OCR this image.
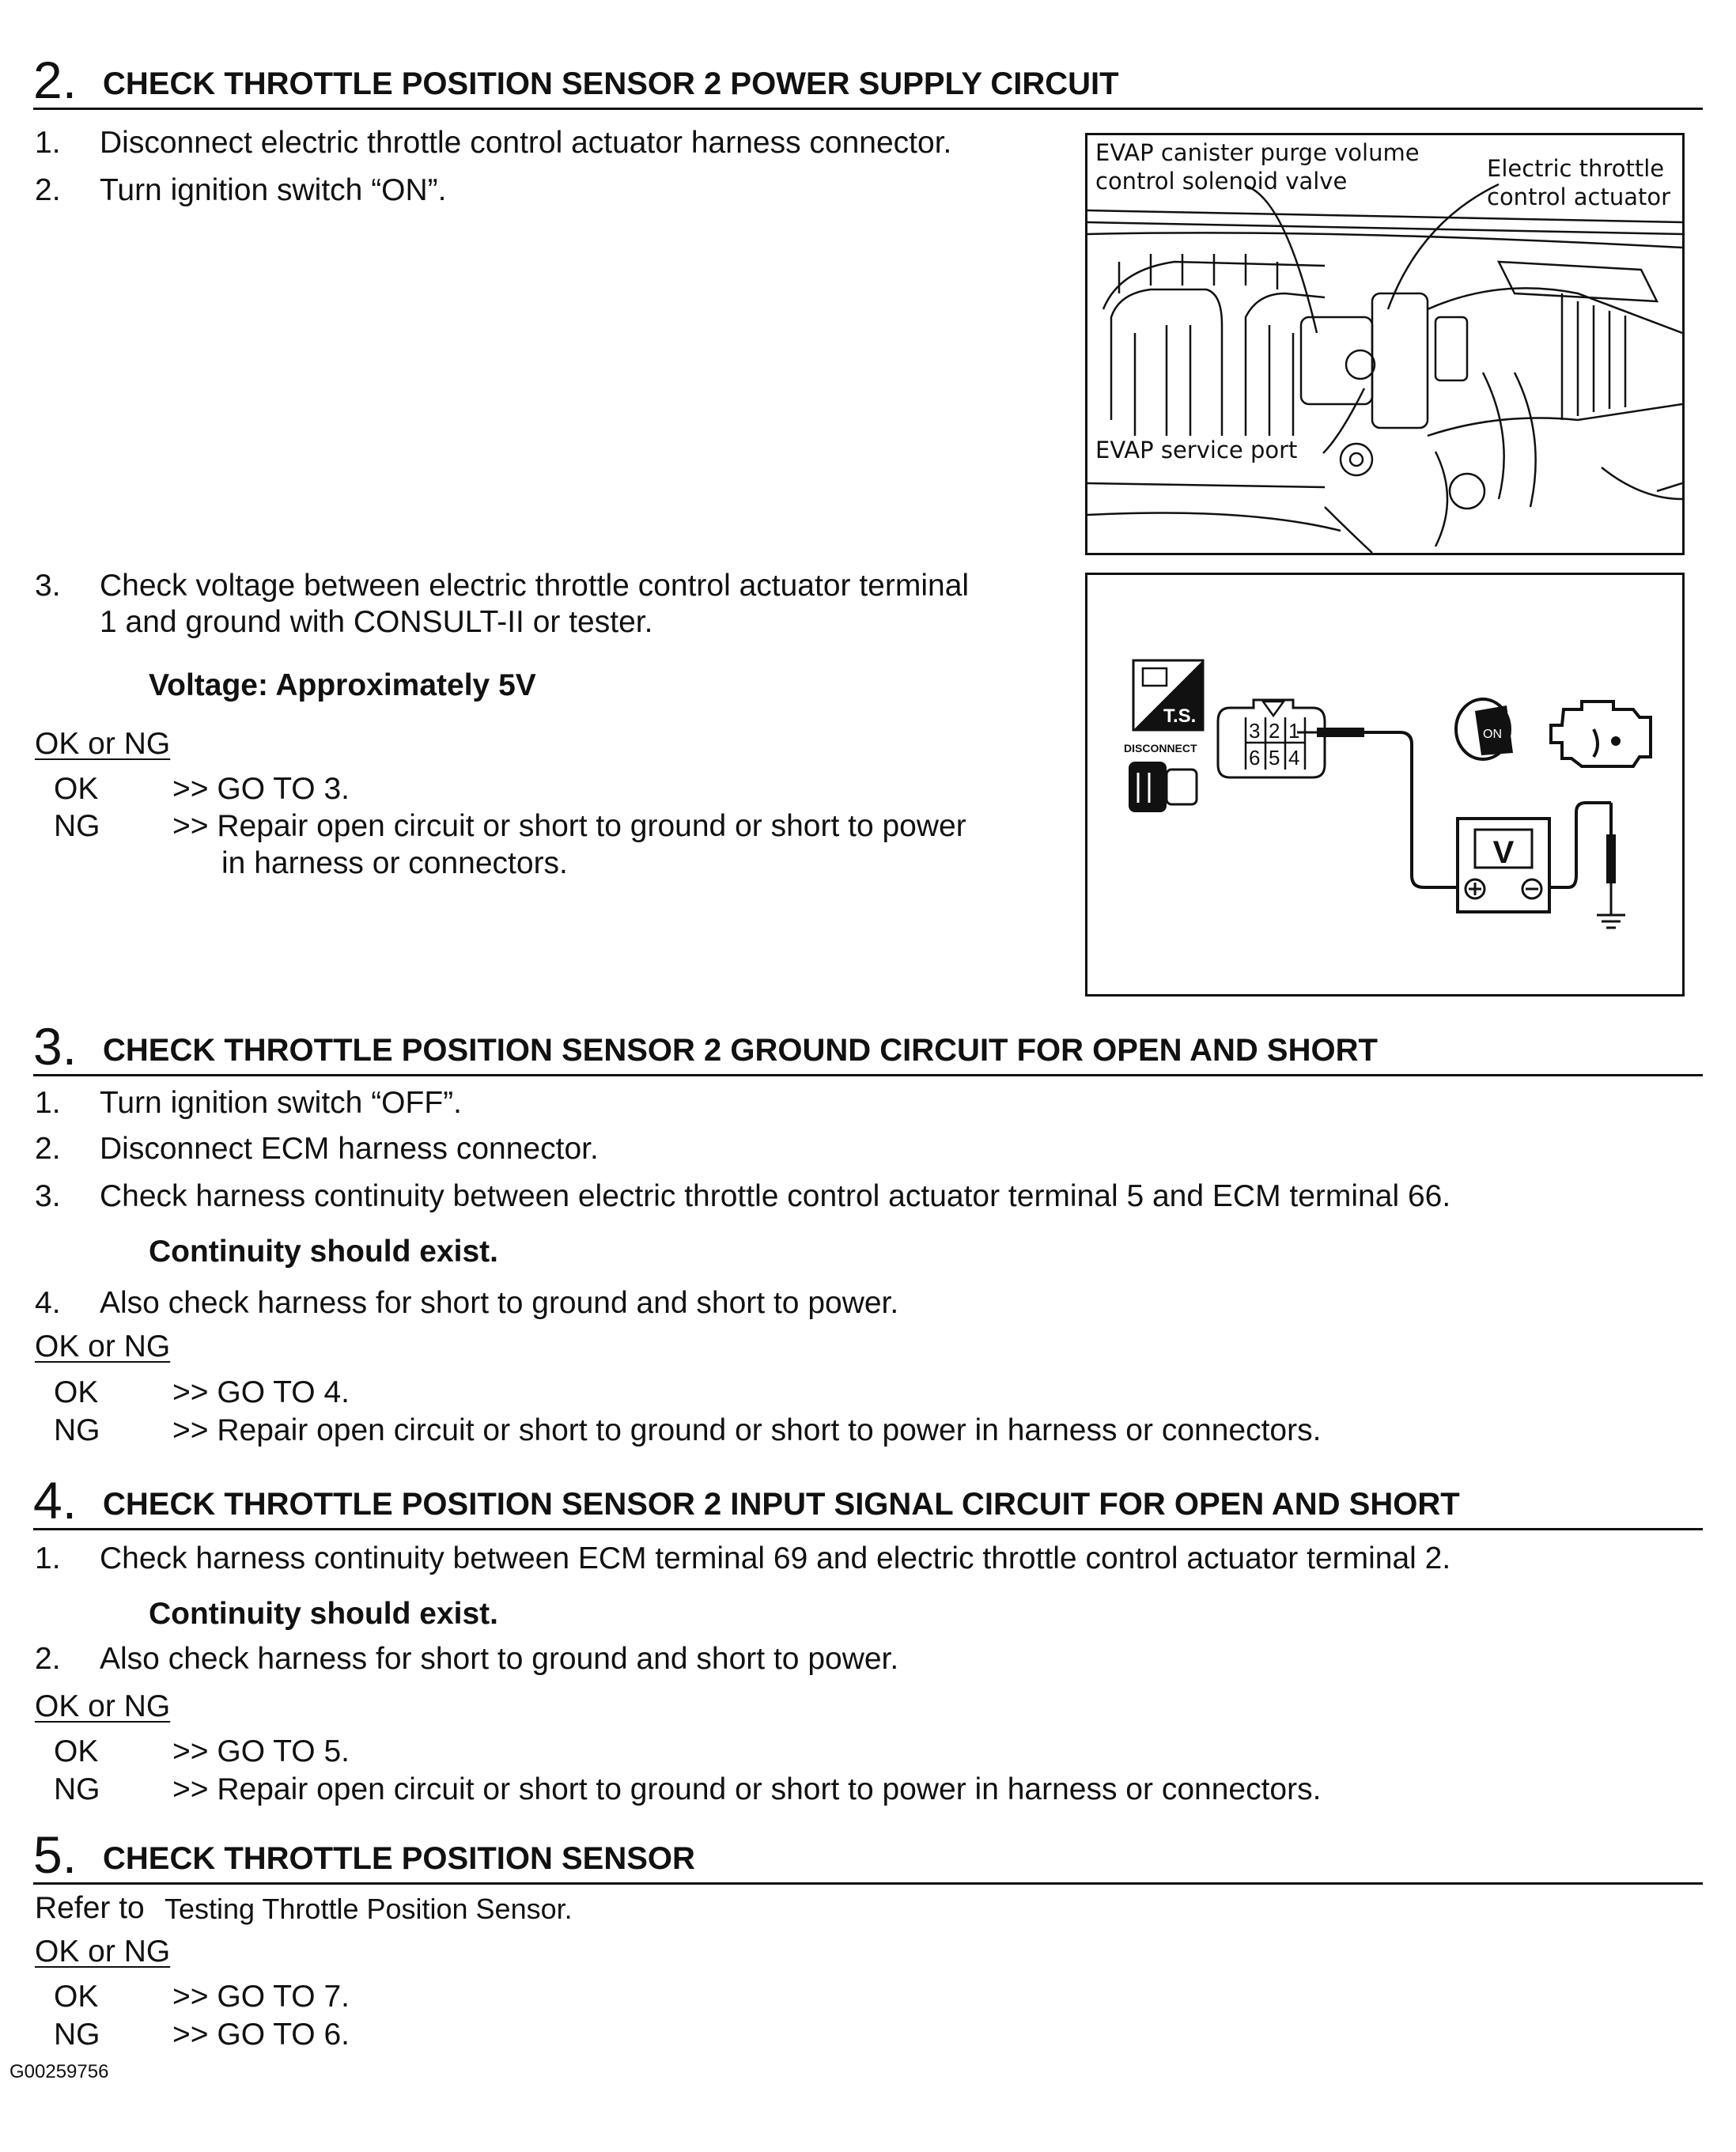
2. CHECK THROTTLE POSITION SENSOR 2 POWER SUPPLY CIRCUIT
1. Disconnect electric throttle control actuator harness connector.
2. Turn ignition switch “ON”.
EVAP canister purge volume
control solenoid valve	Electric throttle
control actuator
EVAP service port
3. Check voltage between electric throttle control actuator terminal
1 and ground with CONSULT-II or tester.
Voltage: Approximately 5V
OK or NG
OK >> GO TO 3.
NG >> Repair open circuit or short to ground or short to power
in harness or connectors.
T.S.
DISCONNECT
3 2 1
6 5 4
V
ON
3. CHECK THROTTLE POSITION SENSOR 2 GROUND CIRCUIT FOR OPEN AND SHORT
1. Turn ignition switch “OFF”.
2. Disconnect ECM harness connector.
3. Check harness continuity between electric throttle control actuator terminal 5 and ECM terminal 66.
Continuity should exist.
4. Also check harness for short to ground and short to power.
OK or NG
OK >> GO TO 4.
NG >> Repair open circuit or short to ground or short to power in harness or connectors.
4. CHECK THROTTLE POSITION SENSOR 2 INPUT SIGNAL CIRCUIT FOR OPEN AND SHORT
1. Check harness continuity between ECM terminal 69 and electric throttle control actuator terminal 2.
Continuity should exist.
2. Also check harness for short to ground and short to power.
OK or NG
OK >> GO TO 5.
NG >> Repair open circuit or short to ground or short to power in harness or connectors.
5. CHECK THROTTLE POSITION SENSOR
Refer to Testing Throttle Position Sensor.
OK or NG
OK >> GO TO 7.
NG >> GO TO 6.
G00259756
